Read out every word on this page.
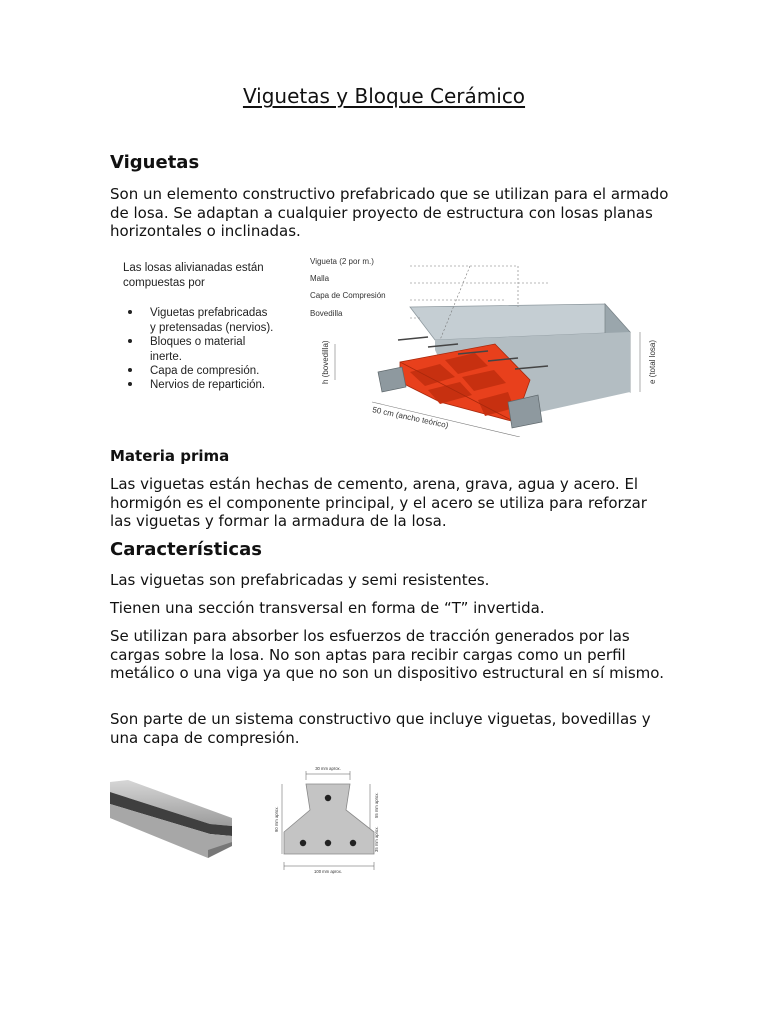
Viguetas y Bloque Cerámico
Viguetas

Son un elemento constructivo prefabricado que se utilizan para el armado de losa. Se adaptan a cualquier proyecto de estructura con losas planas horizontales o inclinadas.

Las losas alivianadas están
compuestas por
Viguetas prefabricadas
y pretensadas (nervios).
Bloques o material
inerte.
Capa de compresión.
Nervios de repartición.
Vigueta (2 por m.)
Malla
Capa de Compresión
Bovedilla
h (bovedilla)	e (total losa)
50 cm (ancho teórico)
Materia prima

Las viguetas están hechas de cemento, arena, grava, agua y acero. El hormigón es el componente principal, y el acero se utiliza para reforzar las viguetas y formar la armadura de la losa.

Características

Las viguetas son prefabricadas y semi resistentes.

Tienen una sección transversal en forma de “T” invertida.

Se utilizan para absorber los esfuerzos de tracción generados por las cargas sobre la losa. No son aptas para recibir cargas como un perfil metálico o una viga ya que no son un dispositivo estructural en sí mismo.

Son parte de un sistema constructivo que incluye viguetas, bovedillas y una capa de compresión.

30 mm aprox.
100 mm aprox.
90 mm aprox.
55 mm aprox.
35 mm aprox.
